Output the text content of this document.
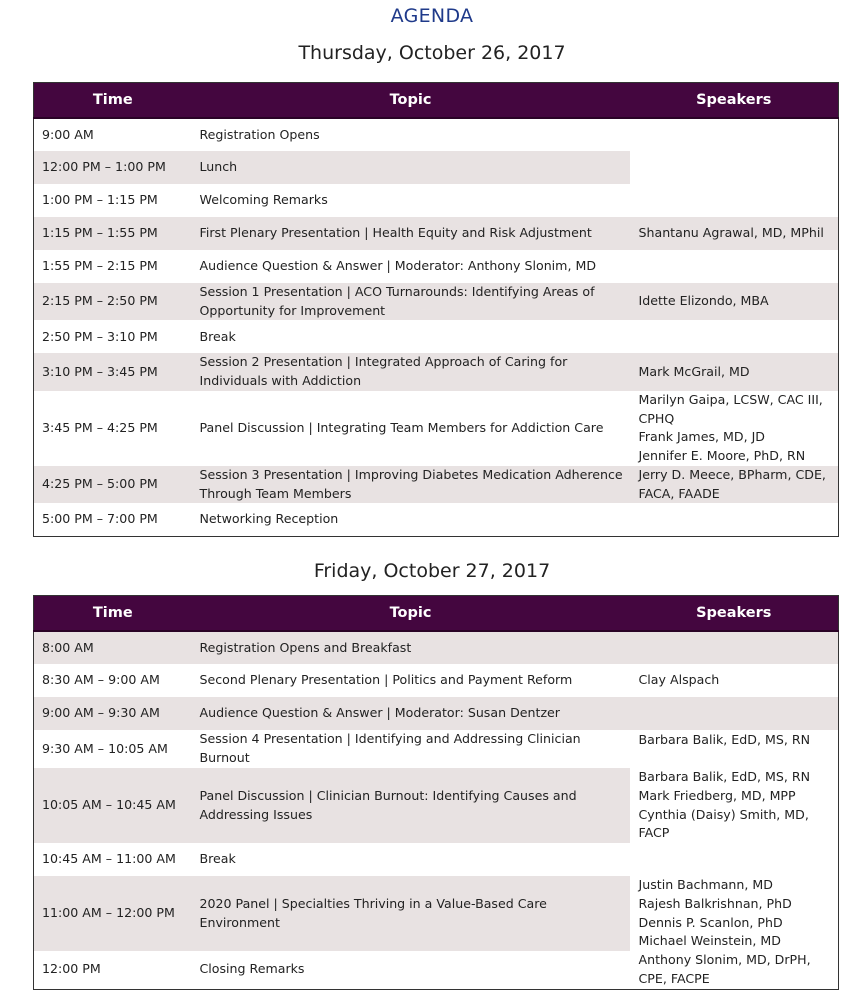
AGENDA
Thursday, October 26, 2017
Time	Topic	Speakers
9:00 AM	Registration Opens	
12:00 PM – 1:00 PM	Lunch	
1:00 PM – 1:15 PM	Welcoming Remarks	
1:15 PM – 1:55 PM	First Plenary Presentation | Health Equity and Risk Adjustment	Shantanu Agrawal, MD, MPhil
1:55 PM – 2:15 PM	Audience Question & Answer | Moderator: Anthony Slonim, MD	
2:15 PM – 2:50 PM	Session 1 Presentation | ACO Turnarounds: Identifying Areas of Opportunity for Improvement	Idette Elizondo, MBA
2:50 PM – 3:10 PM	Break	
3:10 PM – 3:45 PM	Session 2 Presentation | Integrated Approach of Caring for Individuals with Addiction	Mark McGrail, MD
3:45 PM – 4:25 PM	Panel Discussion | Integrating Team Members for Addiction Care	Marilyn Gaipa, LCSW, CAC III, CPHQ
Frank James, MD, JD
Jennifer E. Moore, PhD, RN
4:25 PM – 5:00 PM	Session 3 Presentation | Improving Diabetes Medication Adherence Through Team Members	Jerry D. Meece, BPharm, CDE, FACA, FAADE
5:00 PM – 7:00 PM	Networking Reception	
Friday, October 27, 2017
Time	Topic	Speakers
8:00 AM	Registration Opens and Breakfast	
8:30 AM – 9:00 AM	Second Plenary Presentation | Politics and Payment Reform	Clay Alspach
9:00 AM – 9:30 AM	Audience Question & Answer | Moderator: Susan Dentzer	
9:30 AM – 10:05 AM	Session 4 Presentation | Identifying and Addressing Clinician Burnout	Barbara Balik, EdD, MS, RN
10:05 AM – 10:45 AM	Panel Discussion | Clinician Burnout: Identifying Causes and Addressing Issues	Barbara Balik, EdD, MS, RN
Mark Friedberg, MD, MPP
Cynthia (Daisy) Smith, MD, FACP
10:45 AM – 11:00 AM	Break	
11:00 AM – 12:00 PM	2020 Panel | Specialties Thriving in a Value-Based Care Environment	Justin Bachmann, MD
Rajesh Balkrishnan, PhD
Dennis P. Scanlon, PhD
Michael Weinstein, MD
12:00 PM	Closing Remarks	Anthony Slonim, MD, DrPH, CPE, FACPE
